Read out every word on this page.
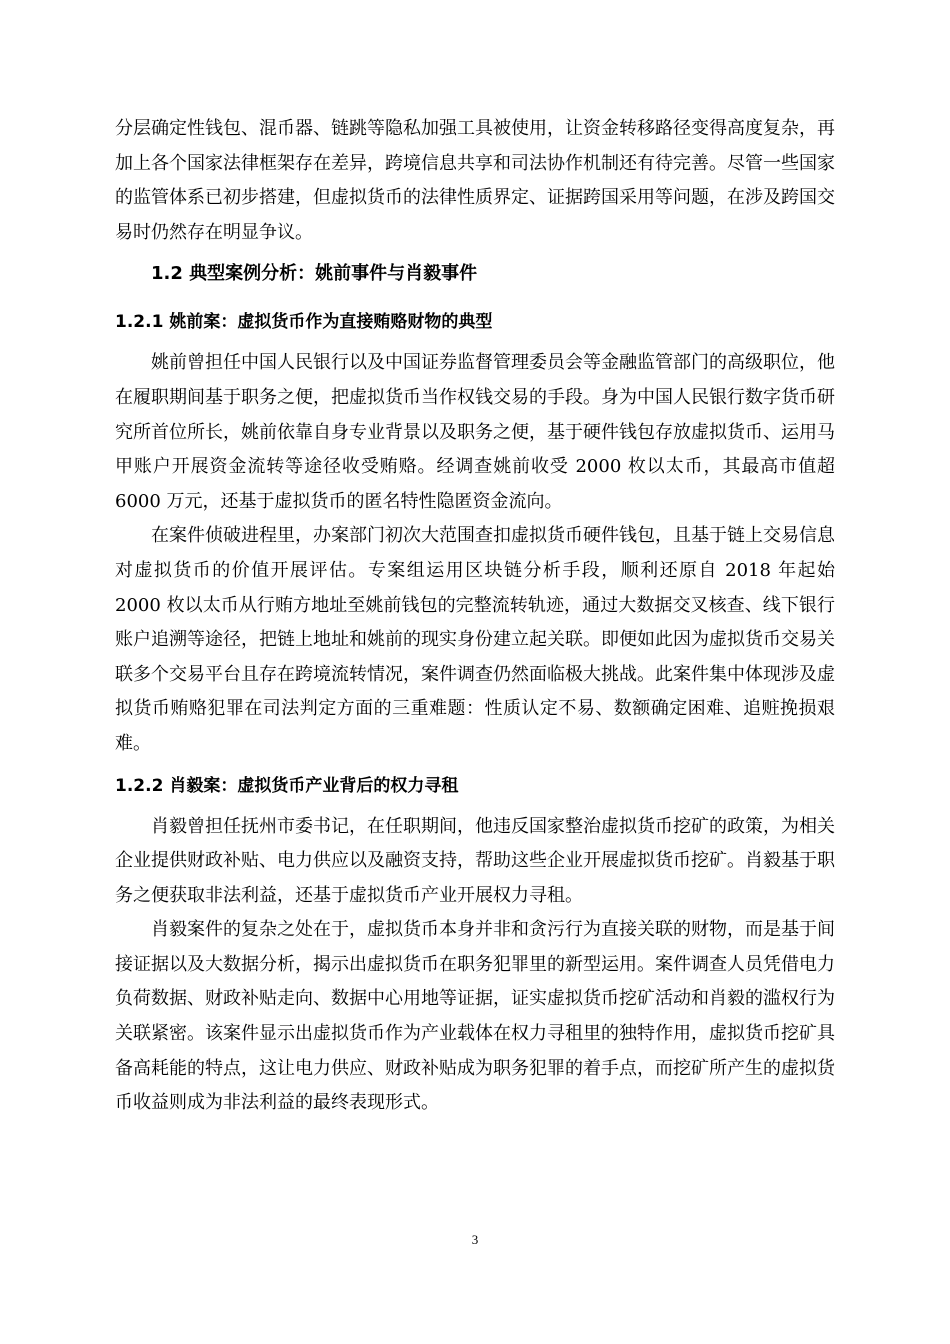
分层确定性钱包、混币器、链跳等隐私加强工具被使用，让资金转移路径变得高度复杂，再加上各个国家法律框架存在差异，跨境信息共享和司法协作机制还有待完善。尽管一些国家的监管体系已初步搭建，但虚拟货币的法律性质界定、证据跨国采用等问题，在涉及跨国交易时仍然存在明显争议。

1.2 典型案例分析：姚前事件与肖毅事件
1.2.1 姚前案：虚拟货币作为直接贿赂财物的典型

姚前曾担任中国人民银行以及中国证券监督管理委员会等金融监管部门的高级职位，他在履职期间基于职务之便，把虚拟货币当作权钱交易的手段。身为中国人民银行数字货币研究所首位所长，姚前依靠自身专业背景以及职务之便，基于硬件钱包存放虚拟货币、运用马甲账户开展资金流转等途径收受贿赂。经调查姚前收受 2000 枚以太币，其最高市值超 6000 万元，还基于虚拟货币的匿名特性隐匿资金流向。

在案件侦破进程里，办案部门初次大范围查扣虚拟货币硬件钱包，且基于链上交易信息对虚拟货币的价值开展评估。专案组运用区块链分析手段，顺利还原自 2018 年起始 2000 枚以太币从行贿方地址至姚前钱包的完整流转轨迹，通过大数据交叉核查、线下银行账户追溯等途径，把链上地址和姚前的现实身份建立起关联。即便如此因为虚拟货币交易关联多个交易平台且存在跨境流转情况，案件调查仍然面临极大挑战。此案件集中体现涉及虚拟货币贿赂犯罪在司法判定方面的三重难题：性质认定不易、数额确定困难、追赃挽损艰难。

1.2.2 肖毅案：虚拟货币产业背后的权力寻租

肖毅曾担任抚州市委书记，在任职期间，他违反国家整治虚拟货币挖矿的政策，为相关企业提供财政补贴、电力供应以及融资支持，帮助这些企业开展虚拟货币挖矿。肖毅基于职务之便获取非法利益，还基于虚拟货币产业开展权力寻租。

肖毅案件的复杂之处在于，虚拟货币本身并非和贪污行为直接关联的财物，而是基于间接证据以及大数据分析，揭示出虚拟货币在职务犯罪里的新型运用。案件调查人员凭借电力负荷数据、财政补贴走向、数据中心用地等证据，证实虚拟货币挖矿活动和肖毅的滥权行为关联紧密。该案件显示出虚拟货币作为产业载体在权力寻租里的独特作用，虚拟货币挖矿具备高耗能的特点，这让电力供应、财政补贴成为职务犯罪的着手点，而挖矿所产生的虚拟货币收益则成为非法利益的最终表现形式。

3
